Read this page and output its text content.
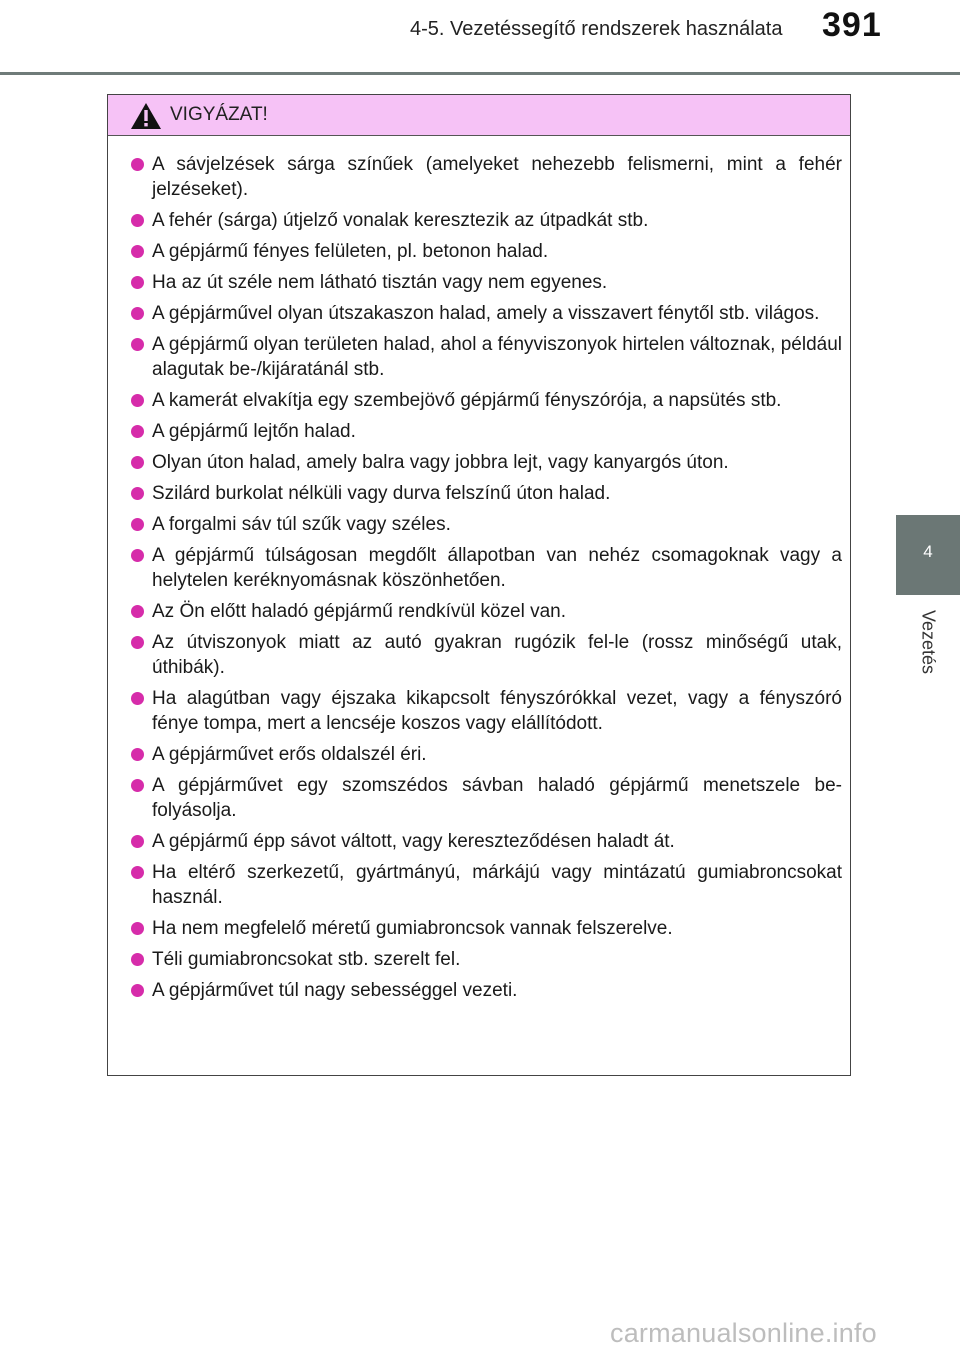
4-5. Vezetéssegítő rendszerek használata 391
4
Vezetés
VIGYÁZAT!
A sávjelzések sárga színűek (amelyeket nehezebb felismerni, mint a fehér jelzéseket).
A fehér (sárga) útjelző vonalak keresztezik az útpadkát stb.
A gépjármű fényes felületen, pl. betonon halad.
Ha az út széle nem látható tisztán vagy nem egyenes.
A gépjárművel olyan útszakaszon halad, amely a visszavert fénytől stb. világos.
A gépjármű olyan területen halad, ahol a fényviszonyok hirtelen változnak, például alagutak be-/kijáratánál stb.
A kamerát elvakítja egy szembejövő gépjármű fényszórója, a napsütés stb.
A gépjármű lejtőn halad.
Olyan úton halad, amely balra vagy jobbra lejt, vagy kanyargós úton.
Szilárd burkolat nélküli vagy durva felszínű úton halad.
A forgalmi sáv túl szűk vagy széles.
A gépjármű túlságosan megdőlt állapotban van nehéz csomagoknak vagy a helytelen keréknyomásnak köszönhetően.
Az Ön előtt haladó gépjármű rendkívül közel van.
Az útviszonyok miatt az autó gyakran rugózik fel-le (rossz minőségű utak, úthibák).
Ha alagútban vagy éjszaka kikapcsolt fényszórókkal vezet, vagy a fényszóró fénye tompa, mert a lencséje koszos vagy elállítódott.
A gépjárművet erős oldalszél éri.
A gépjárművet egy szomszédos sávban haladó gépjármű menetszele befolyásolja.
A gépjármű épp sávot váltott, vagy kereszteződésen haladt át.
Ha eltérő szerkezetű, gyártmányú, márkájú vagy mintázatú gumiabroncsokat használ.
Ha nem megfelelő méretű gumiabroncsok vannak felszerelve.
Téli gumiabroncsokat stb. szerelt fel.
A gépjárművet túl nagy sebességgel vezeti.
carmanualsonline.info
